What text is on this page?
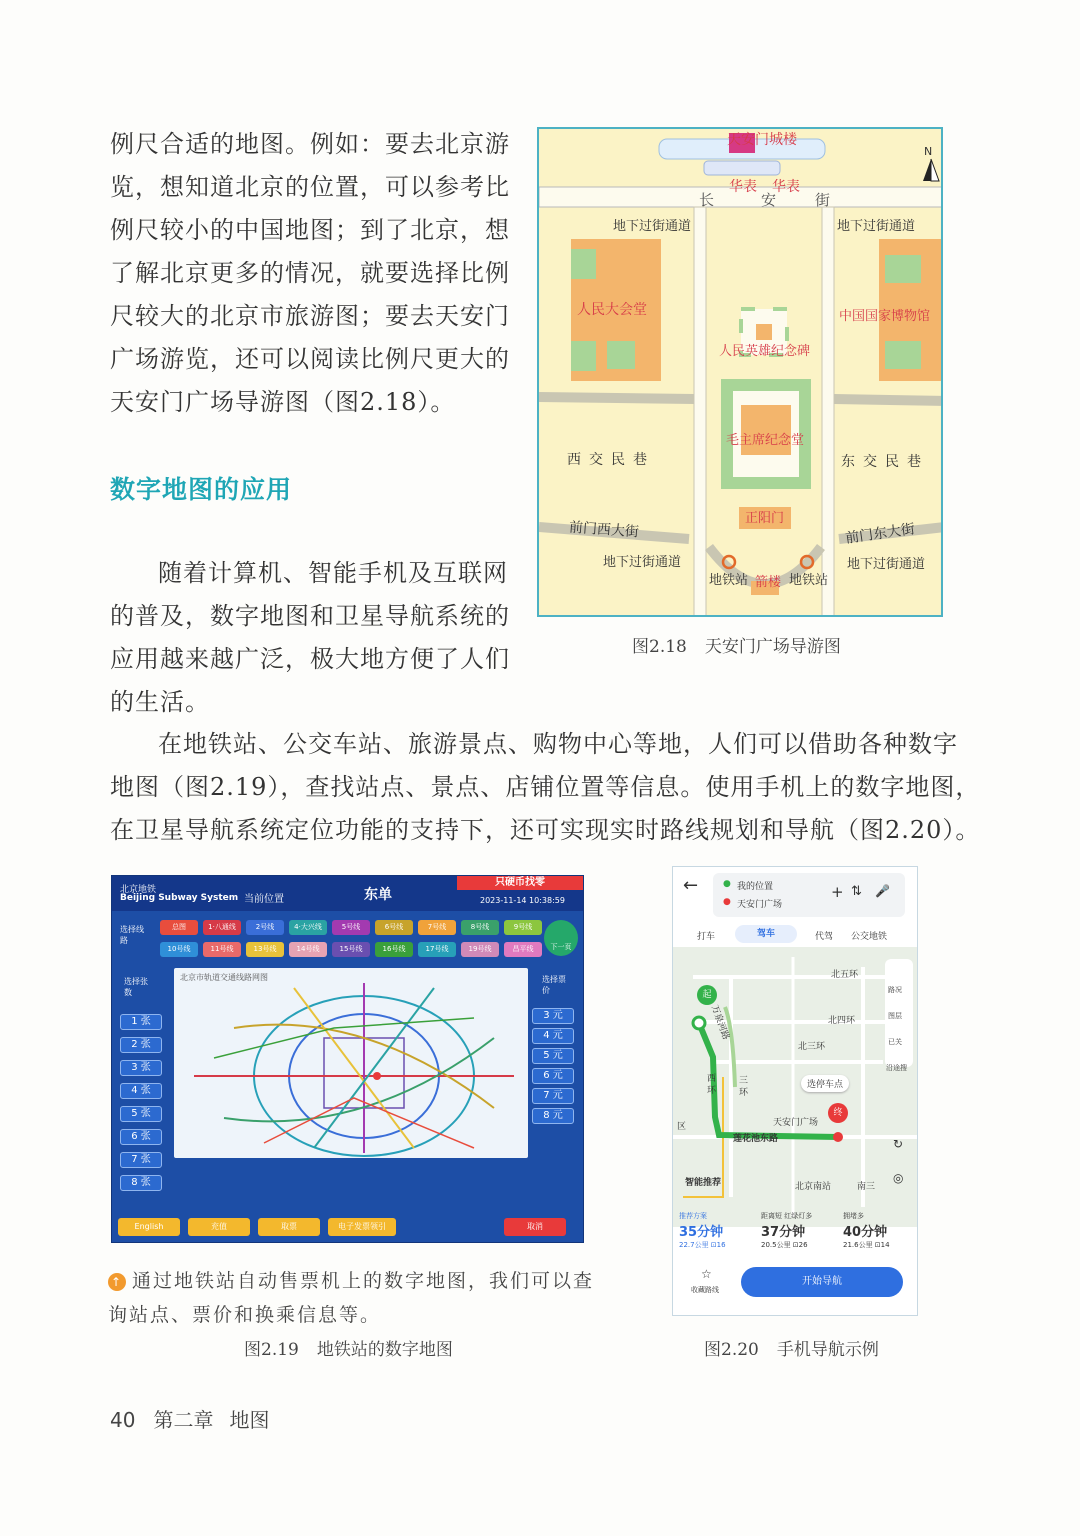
例尺合适的地图。例如：要去北京游

览，想知道北京的位置，可以参考比

例尺较小的中国地图；到了北京，想

了解北京更多的情况，就要选择比例

尺较大的北京市旅游图；要去天安门

广场游览，还可以阅读比例尺更大的

天安门广场导游图（图2.18）。

数字地图的应用

随着计算机、智能手机及互联网

的普及，数字地图和卫星导航系统的

应用越来越广泛，极大地方便了人们

的生活。

在地铁站、公交车站、旅游景点、购物中心等地，人们可以借助各种数字

地图（图2.19），查找站点、景点、店铺位置等信息。使用手机上的数字地图，

在卫星导航系统定位功能的支持下，还可实现实时路线规划和导航（图2.20）。

天安门城楼
华表 华表
N
长 安 街
地下过街通道	地下过街通道
人民大会堂	中国国家博物馆
人民英雄纪念碑
毛主席纪念堂
西交民巷	东交民巷
正阳门
前门西大街	前门东大街
地下过街通道	地下过街通道
地铁站	地铁站
箭楼
图2.18 天安门广场导游图
北京地铁
Beijing Subway System 当前位置	东单
只硬币找零
2023-11-14 10:38:59
选择线路
总图	1·八通线	2号线	4·大兴线	5号线	6号线	7号线	8号线	9号线
10号线	11号线	13号线	14号线	15号线	16号线	17号线	19号线	昌平线	下一页
选择张数
1 张
2 张
3 张
4 张
5 张
6 张
7 张
8 张
选择票价
3 元
4 元
5 元
6 元
7 元
8 元
北京市轨道交通线路网图
English	充值	取票	电子发票领引	取消
↑ 通过地铁站自动售票机上的数字地图，我们可以查询站点、票价和换乘信息等。
图2.19 地铁站的数字地图
←	● 我的位置
● 天安门广场
+ ⇅ 🎤
打车	驾车	代驾 公交地铁
起
终
北五环
北四环
北三环
西
环
三
环
天安门广场
莲花池东路
北京南站	南三
区
万泉河路
选停车点
路况
图层
已关
沿途搜
↻
◎
智能推荐
推荐方案
35分钟
22.7公里 ⊡16
距离短 红绿灯多
37分钟
20.5公里 ⊡26
拥堵多
40分钟
21.6公里 ⊡14
☆
收藏路线
开始导航
图2.20 手机导航示例
40 第二章 地图
